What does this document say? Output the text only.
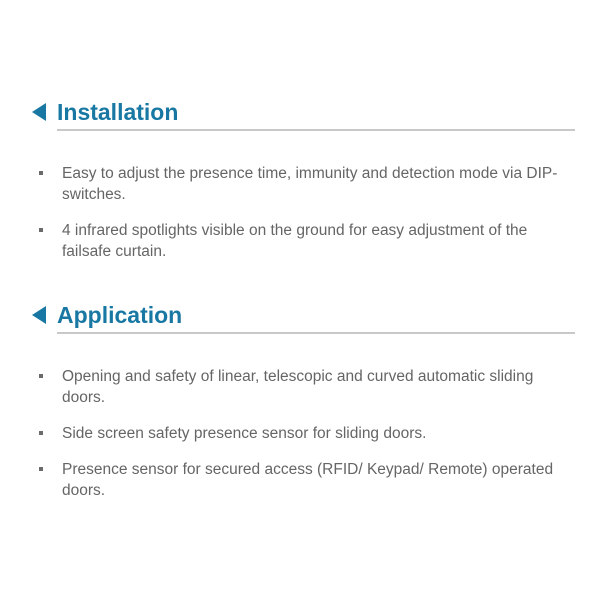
Installation
Easy to adjust the presence time, immunity and detection mode via DIP-switches.
4 infrared spotlights visible on the ground for easy adjustment of the failsafe curtain.
Application
Opening and safety of linear, telescopic and curved automatic sliding doors.
Side screen safety presence sensor for sliding doors.
Presence sensor for secured access (RFID/ Keypad/ Remote) operated doors.
